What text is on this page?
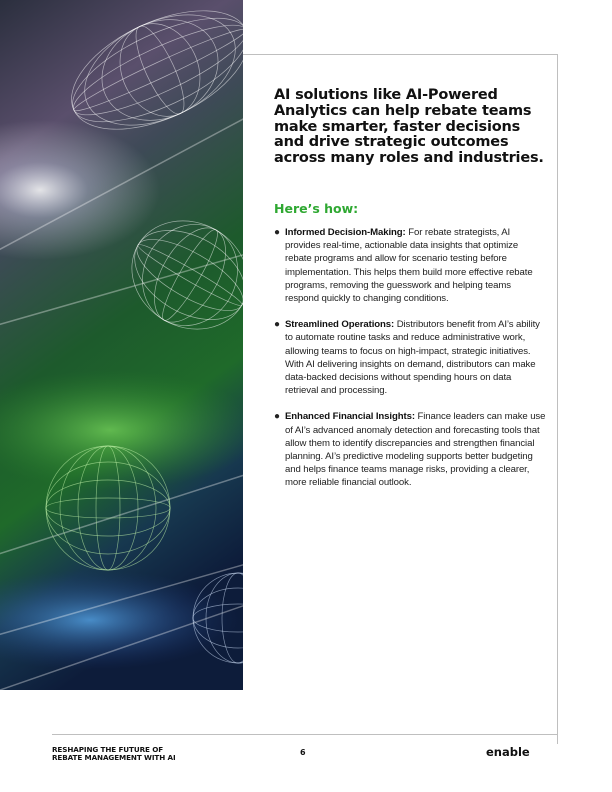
AI solutions like AI-Powered Analytics can help rebate teams make smarter, faster decisions and drive strategic outcomes across many roles and industries.
Here’s how:
● Informed Decision-Making: For rebate strategists, AI provides real-time, actionable data insights that optimize rebate programs and allow for scenario testing before implementation. This helps them build more effective rebate programs, removing the guesswork and helping teams respond quickly to changing conditions.
● Streamlined Operations: Distributors benefit from AI’s ability to automate routine tasks and reduce administrative work, allowing teams to focus on high-impact, strategic initiatives. With AI delivering insights on demand, distributors can make data-backed decisions without spending hours on data retrieval and processing.
● Enhanced Financial Insights: Finance leaders can make use of AI’s advanced anomaly detection and forecasting tools that allow them to identify discrepancies and strengthen financial planning. AI’s predictive modeling supports better budgeting and helps finance teams manage risks, providing a clearer, more reliable financial outlook.

RESHAPING THE FUTURE OF
REBATE MANAGEMENT WITH AI

6	enable
